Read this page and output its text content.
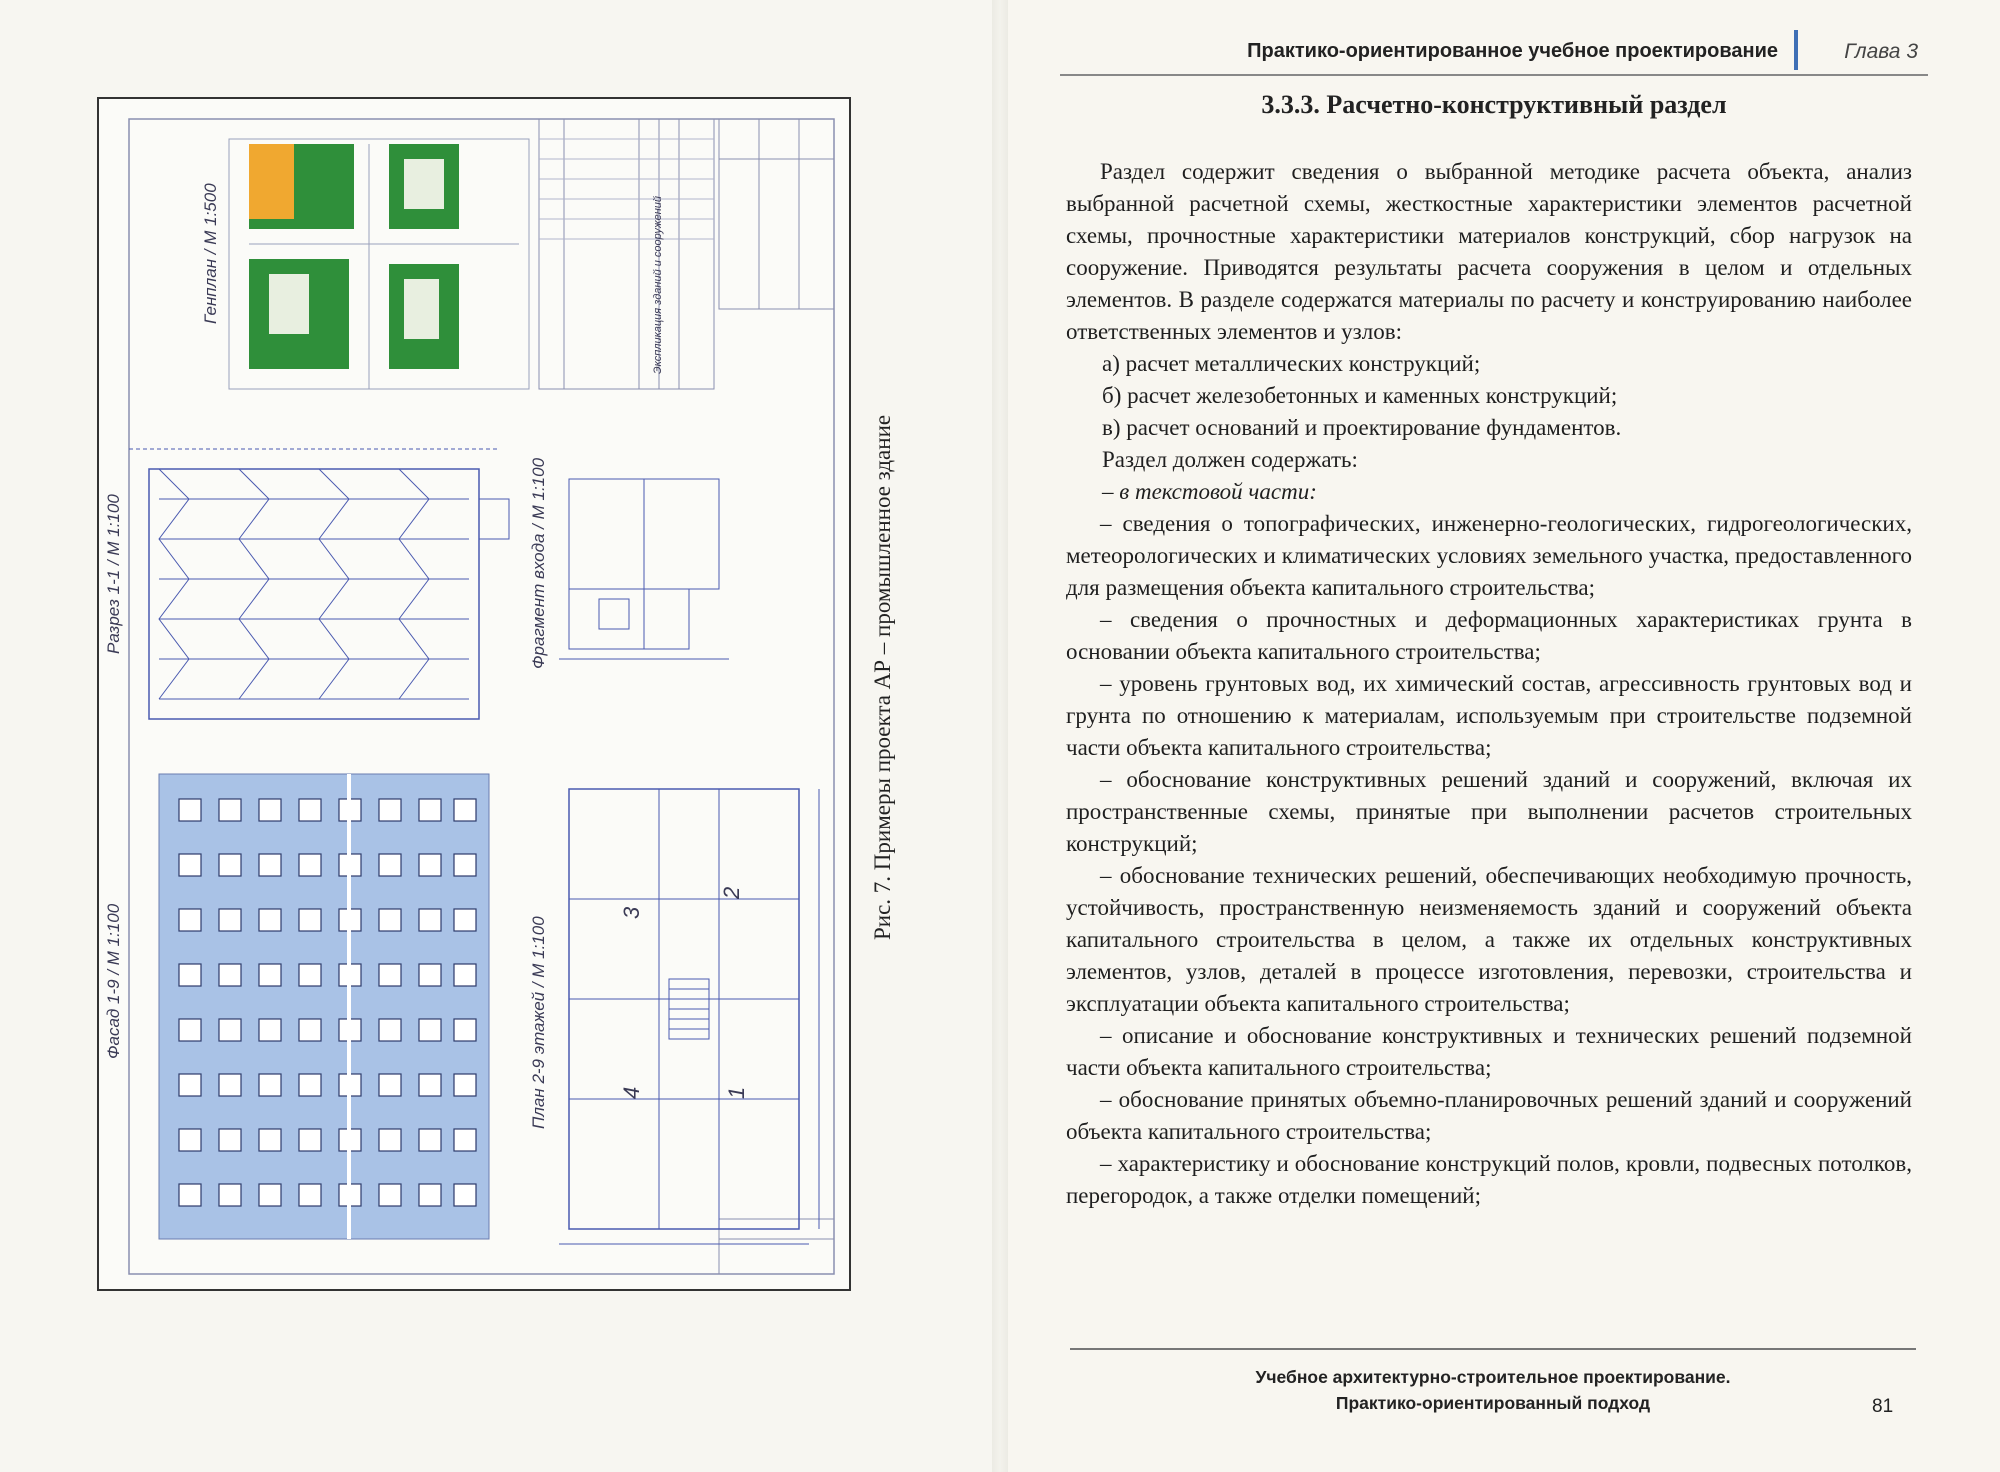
Генплан / М 1:500
Разрез 1-1 / М 1:100
Фасад 1-9 / М 1:100	План 2-9 этажей / М 1:100
Фрагмент входа / М 1:100
Экспликация зданий и сооружений
3
2
4	1
Рис. 7. Примеры проекта АР – промышленное здание
Практико-ориентированное учебное проектирование	Глава 3
3.3.3. Расчетно-конструктивный раздел

Раздел содержит сведения о выбранной методике расчета объекта, анализ выбранной расчетной схемы, жесткостные характеристики элементов расчетной схемы, прочностные характеристики материалов конструкций, сбор нагрузок на сооружение. Приводятся результаты расчета сооружения в целом и отдельных элементов. В разделе содержатся материалы по расчету и конструированию наиболее ответственных элементов и узлов:

а) расчет металлических конструкций;

б) расчет железобетонных и каменных конструкций;

в) расчет оснований и проектирование фундаментов.

Раздел должен содержать:

– в текстовой части:

– сведения о топографических, инженерно-геологических, гидрогеологических, метеорологических и климатических условиях земельного участка, предоставленного для размещения объекта капитального строительства;

– сведения о прочностных и деформационных характеристиках грунта в основании объекта капитального строительства;

– уровень грунтовых вод, их химический состав, агрессивность грунтовых вод и грунта по отношению к материалам, используемым при строительстве подземной части объекта капитального строительства;

– обоснование конструктивных решений зданий и сооружений, включая их пространственные схемы, принятые при выполнении расчетов строительных конструкций;

– обоснование технических решений, обеспечивающих необходимую прочность, устойчивость, пространственную неизменяемость зданий и сооружений объекта капитального строительства в целом, а также их отдельных конструктивных элементов, узлов, деталей в процессе изготовления, перевозки, строительства и эксплуатации объекта капитального строительства;

– описание и обоснование конструктивных и технических решений подземной части объекта капитального строительства;

– обоснование принятых объемно-планировочных решений зданий и сооружений объекта капитального строительства;

– характеристику и обоснование конструкций полов, кровли, подвесных потолков, перегородок, а также отделки помещений;

Учебное архитектурно-строительное проектирование.
Практико-ориентированный подход	81
